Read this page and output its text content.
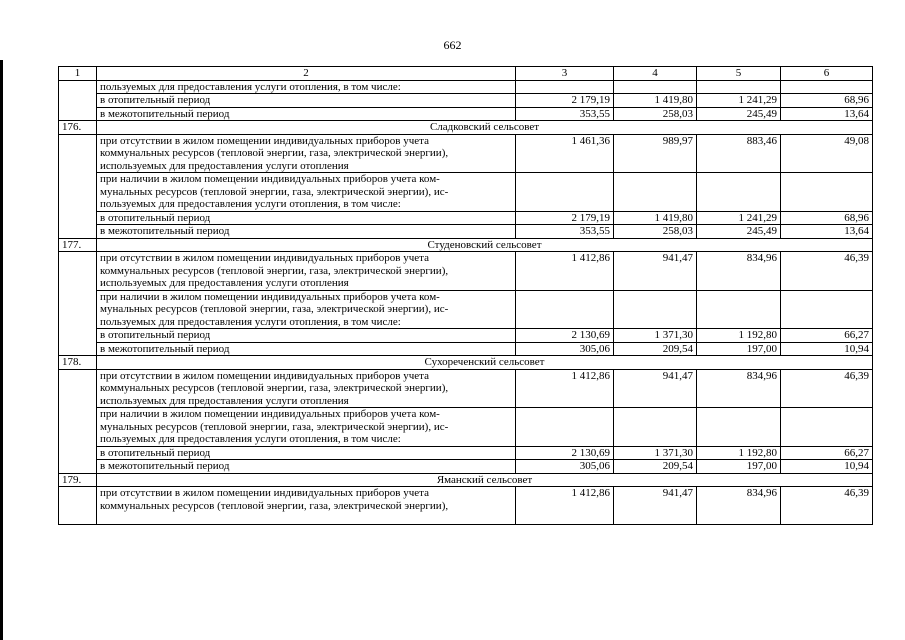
662
1	2	3	4	5	6
	пользуемых для предоставления услуги отопления, в том числе:				
	в отопительный период	2 179,19	1 419,80	1 241,29	68,96
	в межотопительный период	353,55	258,03	245,49	13,64
176.	Сладковский сельсовет				

	при отсутствии в жилом помещении индивидуальных приборов учета
коммунальных ресурсов (тепловой энергии, газа, электрической энергии),
используемых для предоставления услуги отопления	1 461,36	989,97	883,46	49,08

	при наличии в жилом помещении индивидуальных приборов учета ком-
мунальных ресурсов (тепловой энергии, газа, электрической энергии), ис-
пользуемых для предоставления услуги отопления, в том числе:				

	в отопительный период	2 179,19	1 419,80	1 241,29	68,96
	в межотопительный период	353,55	258,03	245,49	13,64
177.	Студеновский сельсовет				

	при отсутствии в жилом помещении индивидуальных приборов учета
коммунальных ресурсов (тепловой энергии, газа, электрической энергии),
используемых для предоставления услуги отопления	1 412,86	941,47	834,96	46,39

	при наличии в жилом помещении индивидуальных приборов учета ком-
мунальных ресурсов (тепловой энергии, газа, электрической энергии), ис-
пользуемых для предоставления услуги отопления, в том числе:				

	в отопительный период	2 130,69	1 371,30	1 192,80	66,27
	в межотопительный период	305,06	209,54	197,00	10,94
178.	Сухореченский сельсовет				

	при отсутствии в жилом помещении индивидуальных приборов учета
коммунальных ресурсов (тепловой энергии, газа, электрической энергии),
используемых для предоставления услуги отопления	1 412,86	941,47	834,96	46,39

	при наличии в жилом помещении индивидуальных приборов учета ком-
мунальных ресурсов (тепловой энергии, газа, электрической энергии), ис-
пользуемых для предоставления услуги отопления, в том числе:				

	в отопительный период	2 130,69	1 371,30	1 192,80	66,27
	в межотопительный период	305,06	209,54	197,00	10,94
179.	Яманский сельсовет				

	при отсутствии в жилом помещении индивидуальных приборов учета
коммунальных ресурсов (тепловой энергии, газа, электрической энергии),	1 412,86	941,47	834,96	46,39
